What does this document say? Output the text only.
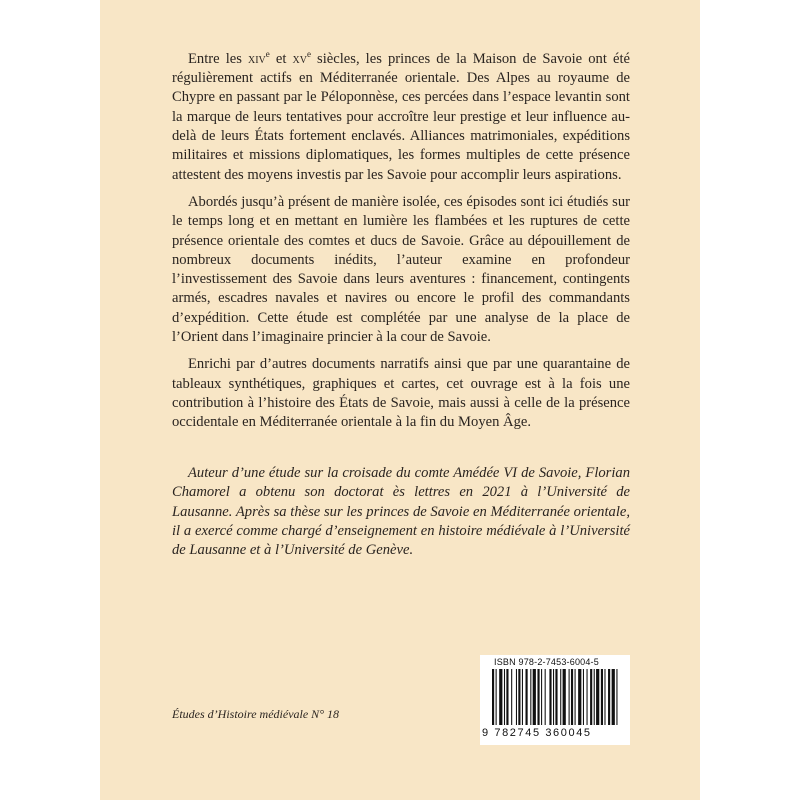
Entre les xiv$^e$ et $xv^e$ siècles, les princes de la Maison de Savoie ont été régulièrement actifs en Méditerranée orientale. Des Alpes au royaume de Chypre en passant par le Péloponnèse, ces percées dans l’espace levantin sont la marque de leurs tentatives pour accroître leur prestige et leur influence au-delà de leurs États fortement enclavés. Alliances matrimoniales, expéditions militaires et missions diplomatiques, les formes multiples de cette présence attestent des moyens investis par les Savoie pour accomplir leurs aspirations.

Abordés jusqu’à présent de manière isolée, ces épisodes sont ici étudiés sur le temps long et en mettant en lumière les flambées et les ruptures de cette présence orientale des comtes et ducs de Savoie. Grâce au dépouillement de nombreux documents inédits, l’auteur examine en profondeur l’investissement des Savoie dans leurs aventures : financement, contingents armés, escadres navales et navires ou encore le profil des commandants d’expédition. Cette étude est complétée par une analyse de la place de l’Orient dans l’imaginaire princier à la cour de Savoie.

Enrichi par d’autres documents narratifs ainsi que par une quarantaine de tableaux synthétiques, graphiques et cartes, cet ouvrage est à la fois une contribution à l’histoire des États de Savoie, mais aussi à celle de la présence occidentale en Méditerranée orientale à la fin du Moyen Âge.

Auteur d’une étude sur la croisade du comte Amédée VI de Savoie, Florian Chamorel a obtenu son doctorat ès lettres en 2021 à l’Université de Lausanne. Après sa thèse sur les princes de Savoie en Méditerranée orientale, il a exercé comme chargé d’enseignement en histoire médiévale à l’Université de Lausanne et à l’Université de Genève.

Études d’Histoire médiévale N° 18
ISBN 978-2-7453-6004-5
9 782745 360045
